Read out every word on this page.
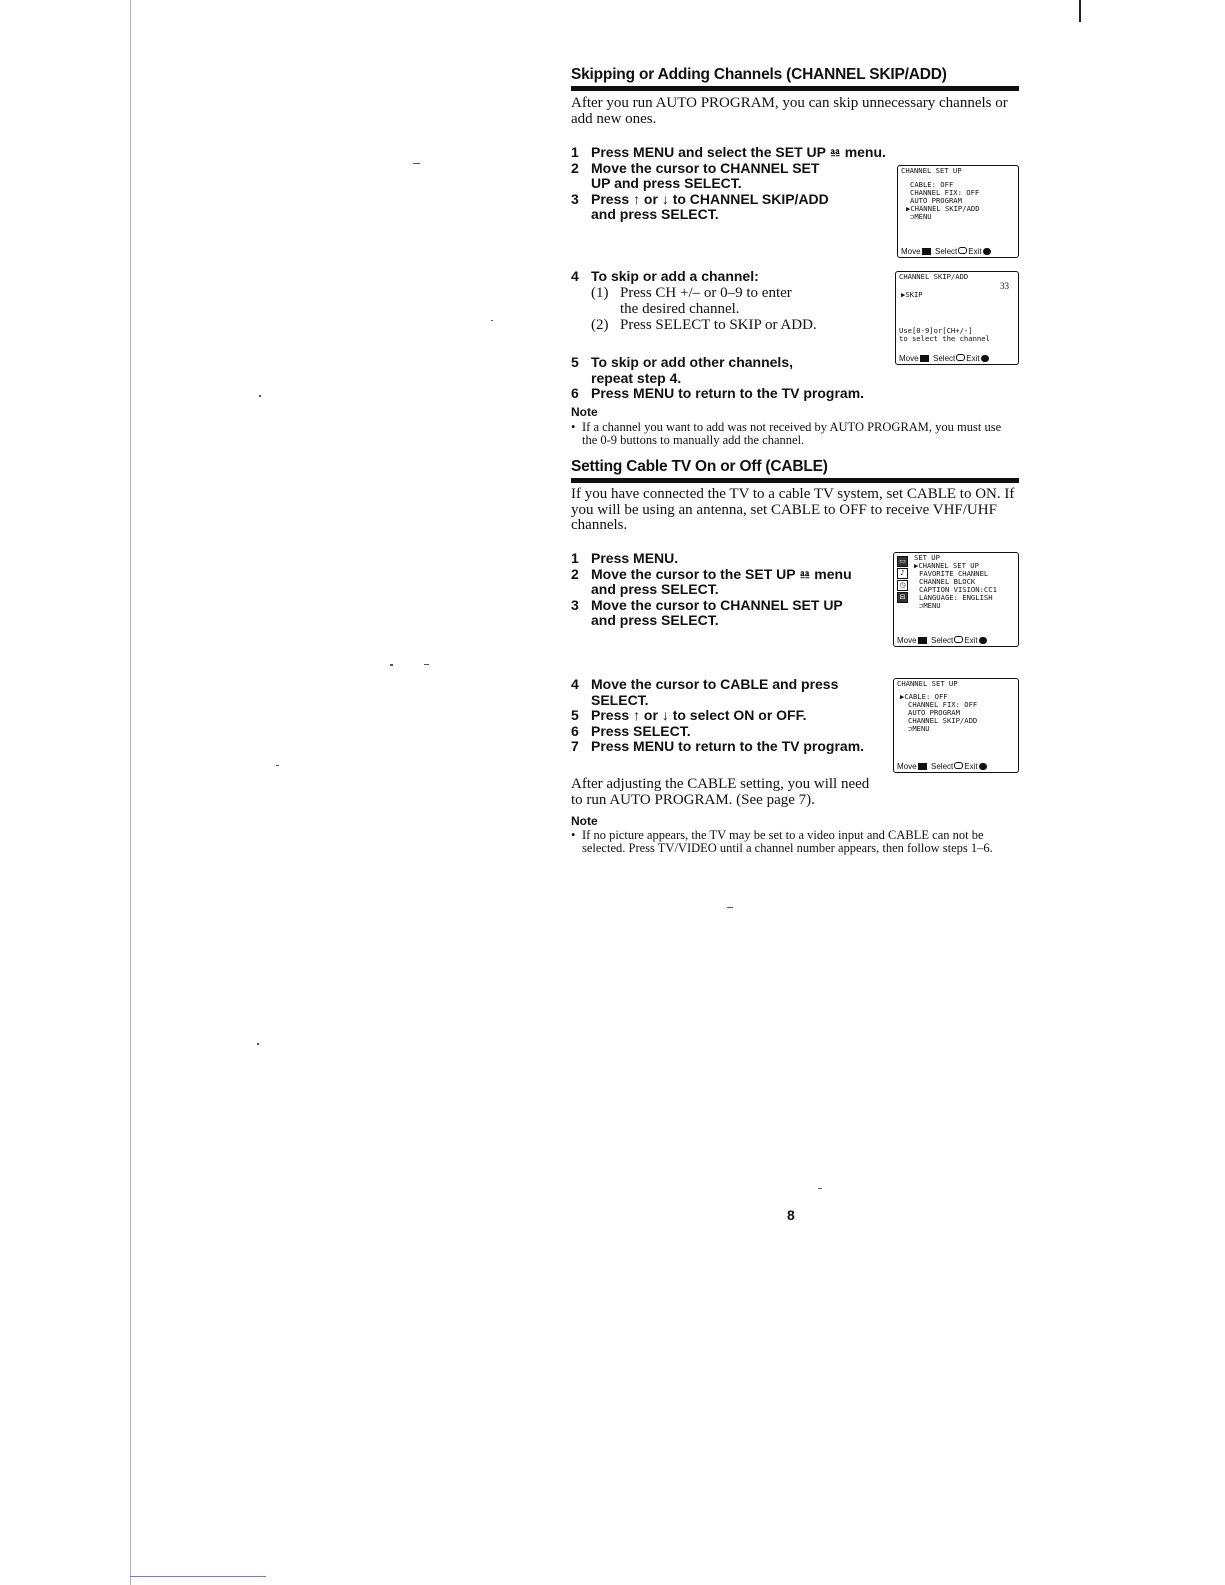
Skipping or Adding Channels (CHANNEL SKIP/ADD)
After you run AUTO PROGRAM, you can skip unnecessary channels or add new ones.
1 Press MENU and select the SET UP ⎂ menu.
2 Move the cursor to CHANNEL SET UP and press SELECT.
3 Press ↑ or ↓ to CHANNEL SKIP/ADD and press SELECT.
CHANNEL SET UP
CABLE: OFF
CHANNEL FIX: OFF
AUTO PROGRAM
▶CHANNEL SKIP/ADD
⊃MENU
Move Select Exit
4 To skip or add a channel:
(1) Press CH +/– or 0–9 to enter the desired channel.
(2) Press SELECT to SKIP or ADD.
CHANNEL SKIP/ADD
33
▶SKIP
Use[0-9]or[CH+/-]
to select the channel
Move Select Exit
5 To skip or add other channels, repeat step 4.
6 Press MENU to return to the TV program.
Note
• If a channel you want to add was not received by AUTO PROGRAM, you must use the 0-9 buttons to manually add the channel.
Setting Cable TV On or Off (CABLE)
If you have connected the TV to a cable TV system, set CABLE to ON. If you will be using an antenna, set CABLE to OFF to receive VHF/UHF channels.
1 Press MENU.
2 Move the cursor to the SET UP ⎂ menu and press SELECT.
3 Move the cursor to CHANNEL SET UP and press SELECT.
▭
♪
◷
⊟
SET UP
▶CHANNEL SET UP
FAVORITE CHANNEL
CHANNEL BLOCK
CAPTION VISION:CC1
LANGUAGE: ENGLISH
⊃MENU
Move Select Exit
4 Move the cursor to CABLE and press SELECT.
5 Press ↑ or ↓ to select ON or OFF.
6 Press SELECT.
7 Press MENU to return to the TV program.
CHANNEL SET UP
▶CABLE: OFF
CHANNEL FIX: OFF
AUTO PROGRAM
CHANNEL SKIP/ADD
⊃MENU
Move Select Exit
After adjusting the CABLE setting, you will need to run AUTO PROGRAM. (See page 7).
Note
• If no picture appears, the TV may be set to a video input and CABLE can not be selected. Press TV/VIDEO until a channel number appears, then follow steps 1–6.
8
